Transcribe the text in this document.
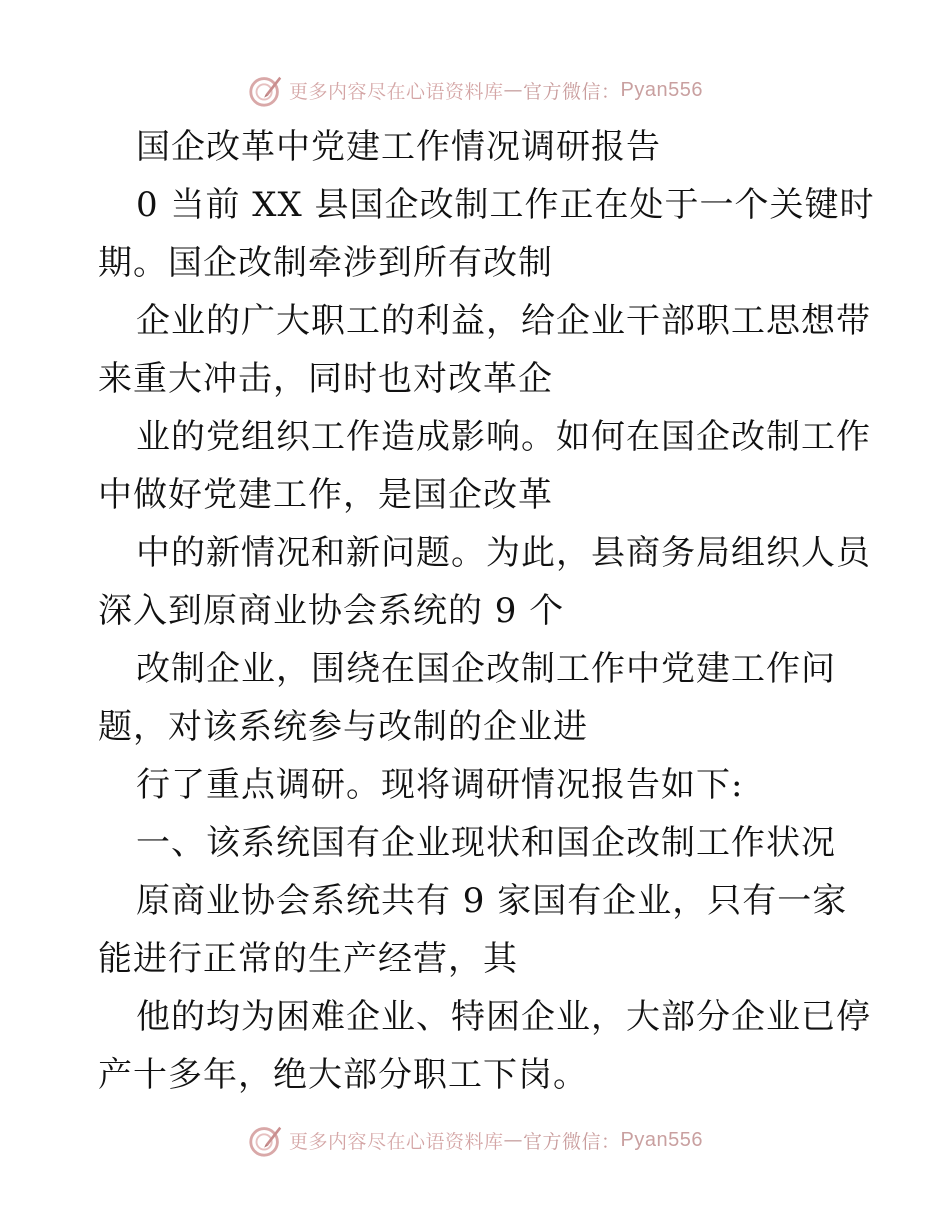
更多内容尽在心语资料库 — 官方微信： Pyan556
国企改革中党建工作情况调研报告
0 当前 XX 县国企改制工作正在处于一个关键时
期。国企改制牵涉到所有改制
企业的广大职工的利益，给企业干部职工思想带
来重大冲击，同时也对改革企
业的党组织工作造成影响。如何在国企改制工作
中做好党建工作，是国企改革
中的新情况和新问题。为此，县商务局组织人员
深入到原商业协会系统的 9 个
改制企业，围绕在国企改制工作中党建工作问
题，对该系统参与改制的企业进
行了重点调研。现将调研情况报告如下:
一、该系统国有企业现状和国企改制工作状况
原商业协会系统共有 9 家国有企业，只有一家
能进行正常的生产经营，其
他的均为困难企业、特困企业，大部分企业已停
产十多年，绝大部分职工下岗。
更多内容尽在心语资料库 — 官方微信： Pyan556
